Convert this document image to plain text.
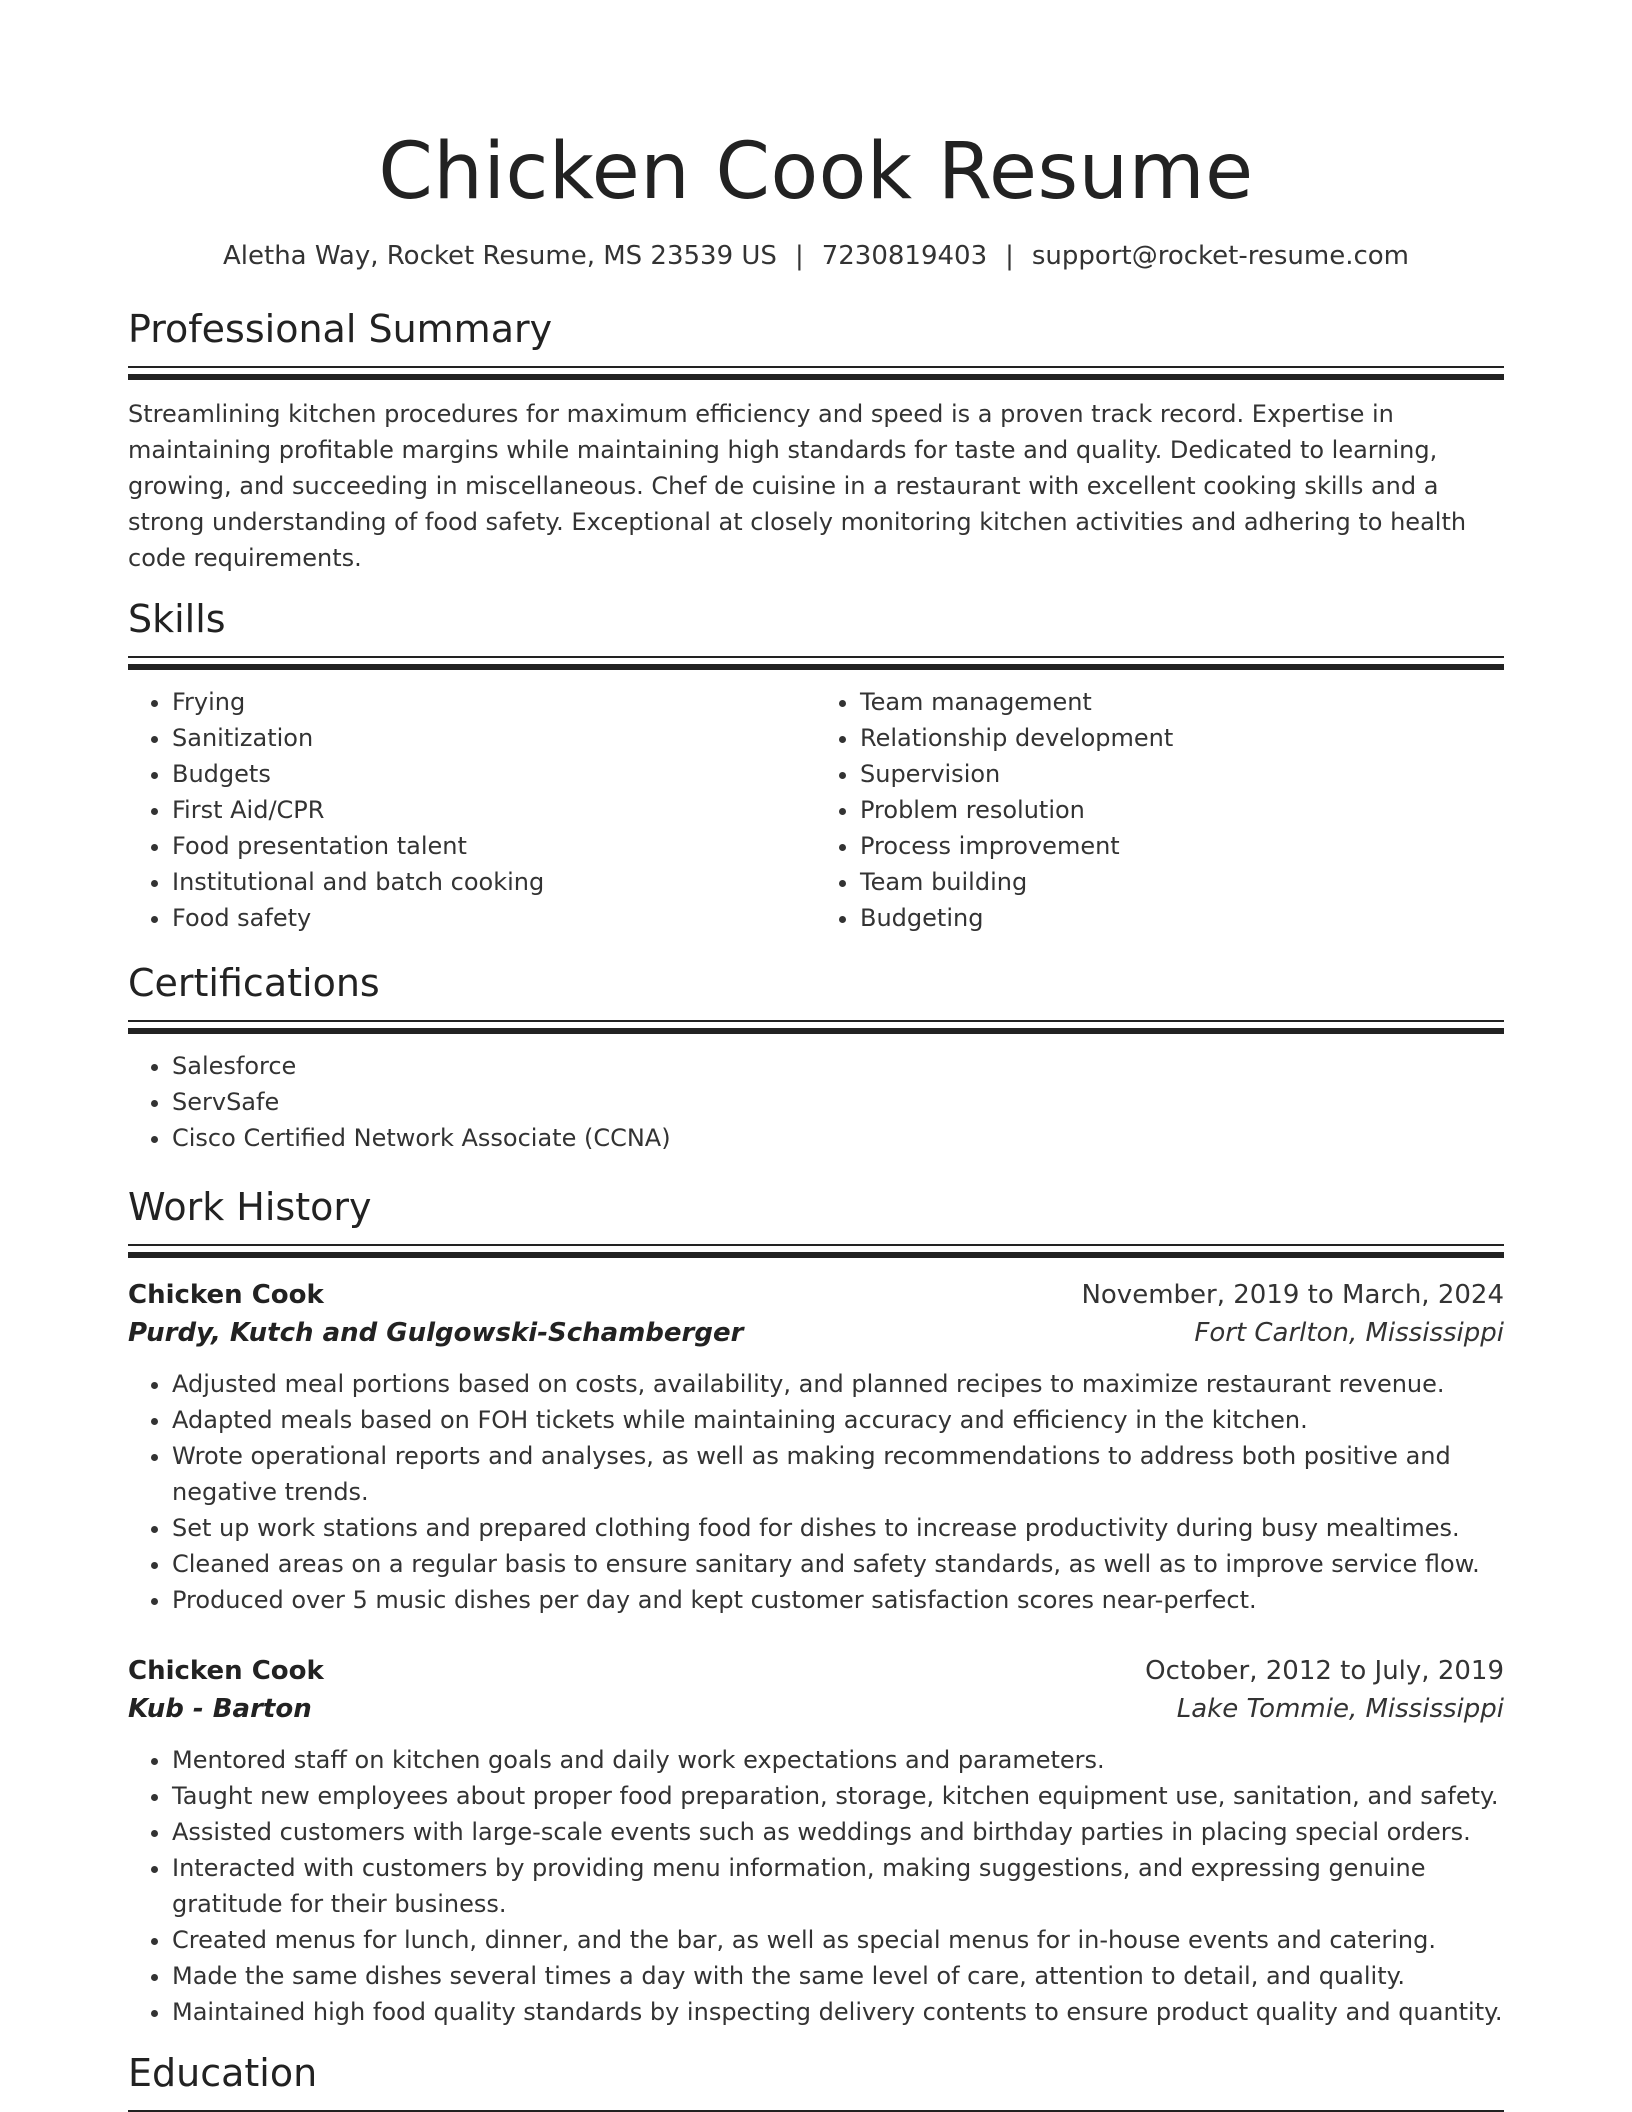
Chicken Cook Resume
Aletha Way, Rocket Resume, MS 23539 US | 7230819403 | support@rocket-resume.com
Professional Summary

Streamlining kitchen procedures for maximum efficiency and speed is a proven track record. Expertise in maintaining profitable margins while maintaining high standards for taste and quality. Dedicated to learning, growing, and succeeding in miscellaneous. Chef de cuisine in a restaurant with excellent cooking skills and a strong understanding of food safety. Exceptional at closely monitoring kitchen activities and adhering to health code requirements.

Skills
• Frying
• Sanitization
• Budgets
• First Aid/CPR
• Food presentation talent
• Institutional and batch cooking
• Food safety
• Team management
• Relationship development
• Supervision
• Problem resolution
• Process improvement
• Team building
• Budgeting
Certifications
• Salesforce
• ServSafe
• Cisco Certified Network Associate (CCNA)
Work History
Chicken Cook	November, 2019 to March, 2024
Purdy, Kutch and Gulgowski-Schamberger	Fort Carlton, Mississippi
• Adjusted meal portions based on costs, availability, and planned recipes to maximize restaurant revenue.
• Adapted meals based on FOH tickets while maintaining accuracy and efficiency in the kitchen.
• Wrote operational reports and analyses, as well as making recommendations to address both positive and negative trends.
• Set up work stations and prepared clothing food for dishes to increase productivity during busy mealtimes.
• Cleaned areas on a regular basis to ensure sanitary and safety standards, as well as to improve service flow.
• Produced over 5 music dishes per day and kept customer satisfaction scores near-perfect.
Chicken Cook	October, 2012 to July, 2019
Kub - Barton	Lake Tommie, Mississippi
• Mentored staff on kitchen goals and daily work expectations and parameters.
• Taught new employees about proper food preparation, storage, kitchen equipment use, sanitation, and safety.
• Assisted customers with large-scale events such as weddings and birthday parties in placing special orders.
• Interacted with customers by providing menu information, making suggestions, and expressing genuine gratitude for their business.
• Created menus for lunch, dinner, and the bar, as well as special menus for in-house events and catering.
• Made the same dishes several times a day with the same level of care, attention to detail, and quality.
• Maintained high food quality standards by inspecting delivery contents to ensure product quality and quantity.
Education
